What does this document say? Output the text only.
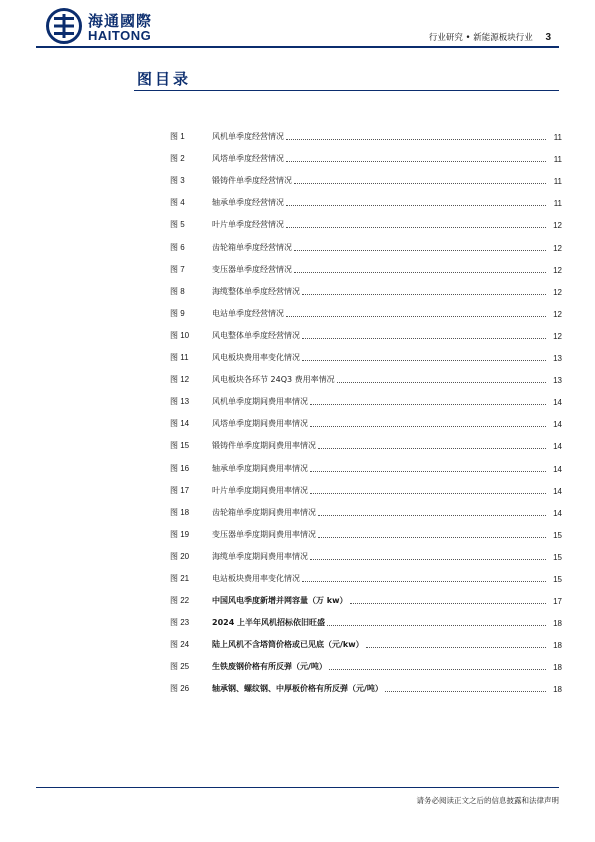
海通國際
HAITONG	行业研究 • 新能源板块行业 3
图目录
图 1	风机单季度经营情况	11
图 2	风塔单季度经营情况	11
图 3	锻铸件单季度经营情况	11
图 4	轴承单季度经营情况	11
图 5	叶片单季度经营情况	12
图 6	齿轮箱单季度经营情况	12
图 7	变压器单季度经营情况	12
图 8	海缆整体单季度经营情况	12
图 9	电站单季度经营情况	12
图 10	风电整体单季度经营情况	12
图 11	风电板块费用率变化情况	13
图 12	风电板块各环节 24Q3 费用率情况	13
图 13	风机单季度期间费用率情况	14
图 14	风塔单季度期间费用率情况	14
图 15	锻铸件单季度期间费用率情况	14
图 16	轴承单季度期间费用率情况	14
图 17	叶片单季度期间费用率情况	14
图 18	齿轮箱单季度期间费用率情况	14
图 19	变压器单季度期间费用率情况	15
图 20	海缆单季度期间费用率情况	15
图 21	电站板块费用率变化情况	15
图 22	中国风电季度新增并网容量（万 kw）	17
图 23	2024 上半年风机招标依旧旺盛	18
图 24	陆上风机不含塔筒价格或已见底（元/kw）	18
图 25	生铁废钢价格有所反弹（元/吨）	18
图 26	轴承钢、螺纹钢、中厚板价格有所反弹（元/吨）	18
请务必阅读正文之后的信息披露和法律声明
